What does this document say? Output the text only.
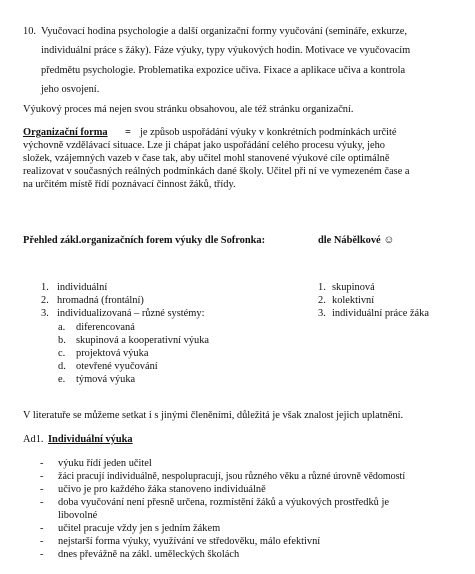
10. Vyučovací hodina psychologie a další organizační formy vyučování (semináře, exkurze,
individuální práce s žáky). Fáze výuky, typy výukových hodin. Motivace ve vyučovacím
předmětu psychologie. Problematika expozice učiva. Fixace a aplikace učiva a kontrola
jeho osvojení.
Výukový proces má nejen svou stránku obsahovou, ale též stránku organizační.
Organizační forma = je způsob uspořádání výuky v konkrétních podmínkách určité
výchovně vzdělávací situace. Lze ji chápat jako uspořádání celého procesu výuky, jeho
složek, vzájemných vazeb v čase tak, aby učitel mohl stanovené výukové cíle optimálně
realizovat v současných reálných podmínkách dané školy. Učitel při ní ve vymezeném čase a
na určitém místě řídí poznávací činnost žáků, třídy.
Přehled zákl.organizačních forem výuky dle Sofronka:	dle Nábělkové ☺
1. individuální
2. hromadná (frontální)
3. individualizovaná – různé systémy:
a. diferencovaná
b. skupinová a kooperativní výuka
c. projektová výuka
d. otevřené vyučování
e. týmová výuka
1. skupinová
2. kolektivní
3. individuální práce žáka
V literatuře se můžeme setkat i s jinými členěními, důležitá je však znalost jejich uplatnění.
Ad1. Individuální výuka
- výuku řídí jeden učitel
- žáci pracují individuálně, nespolupracují, jsou různého věku a různé úrovně vědomostí
- učivo je pro každého žáka stanoveno individuálně
- doba vyučování není přesně určena, rozmístění žáků a výukových prostředků je
libovolné
- učitel pracuje vždy jen s jedním žákem
- nejstarší forma výuky, využívání ve středověku, málo efektivní
- dnes převážně na zákl. uměleckých školách
